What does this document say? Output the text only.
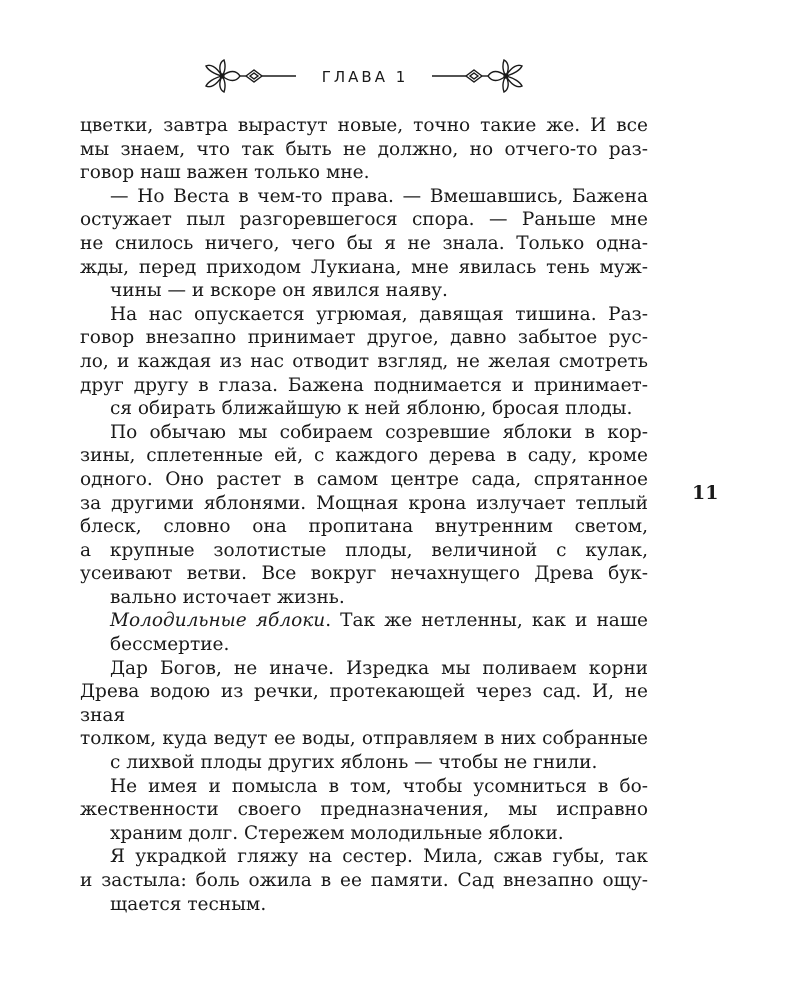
ГЛАВА 1

цветки, завтра вырастут новые, точно такие же. И все
мы знаем, что так быть не должно, но отчего-то раз-
говор наш важен только мне.

— Но Веста в чем-то права. — Вмешавшись, Бажена
остужает пыл разгоревшегося спора. — Раньше мне
не снилось ничего, чего бы я не знала. Только одна-
жды, перед приходом Лукиана, мне явилась тень муж-
чины — и вскоре он явился наяву.

На нас опускается угрюмая, давящая тишина. Раз-
говор внезапно принимает другое, давно забытое рус-
ло, и каждая из нас отводит взгляд, не желая смотреть
друг другу в глаза. Бажена поднимается и принимает-
ся обирать ближайшую к ней яблоню, бросая плоды.

По обычаю мы собираем созревшие яблоки в кор-
зины, сплетенные ей, с каждого дерева в саду, кроме
одного. Оно растет в самом центре сада, спрятанное
за другими яблонями. Мощная крона излучает теплый
блеск, словно она пропитана внутренним светом,
а крупные золотистые плоды, величиной с кулак,
усеивают ветви. Все вокруг нечахнущего Древа бук-
вально источает жизнь.

Молодильные яблоки. Так же нетленны, как и наше
бессмертие.

Дар Богов, не иначе. Изредка мы поливаем корни
Древа водою из речки, протекающей через сад. И, не зная
толком, куда ведут ее воды, отправляем в них собранные
с лихвой плоды других яблонь — чтобы не гнили.

Не имея и помысла в том, чтобы усомниться в бо-
жественности своего предназначения, мы исправно
храним долг. Стережем молодильные яблоки.

Я украдкой гляжу на сестер. Мила, сжав губы, так
и застыла: боль ожила в ее памяти. Сад внезапно ощу-
щается тесным.

11
